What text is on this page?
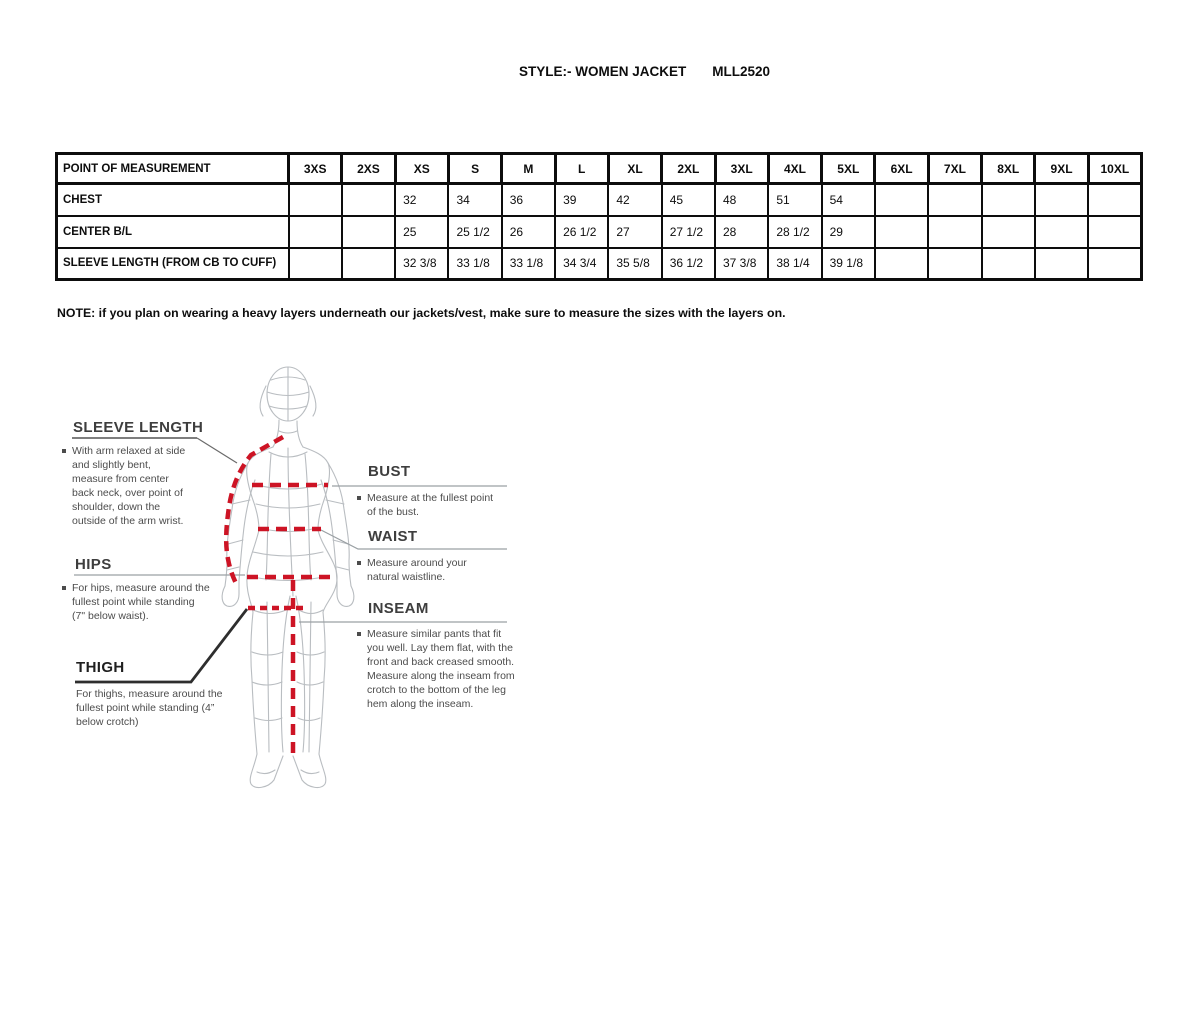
STYLE:- WOMEN JACKET MLL2520
POINT OF MEASUREMENT	3XS	2XS	XS	S	M	L	XL	2XL	3XL	4XL	5XL	6XL	7XL	8XL	9XL	10XL
CHEST			32	34	36	39	42	45	48	51	54					
CENTER B/L			25	25 1/2	26	26 1/2	27	27 1/2	28	28 1/2	29					
SLEEVE LENGTH (FROM CB TO CUFF)			32 3/8	33 1/8	33 1/8	34 3/4	35 5/8	36 1/2	37 3/8	38 1/4	39 1/8					
NOTE: if you plan on wearing a heavy layers underneath our jackets/vest, make sure to measure the sizes with the layers on.
SLEEVE LENGTH
With arm relaxed at side and slightly bent, measure from center back neck, over point of shoulder, down the outside of the arm wrist.
HIPS
For hips, measure around the fullest point while standing (7" below waist).
THIGH
For thighs, measure around the fullest point while standing (4” below crotch)
BUST
Measure at the fullest point of the bust.
WAIST
Measure around your natural waistline.
INSEAM
Measure similar pants that fit you well. Lay them flat, with the front and back creased smooth. Measure along the inseam from crotch to the bottom of the leg hem along the inseam.
